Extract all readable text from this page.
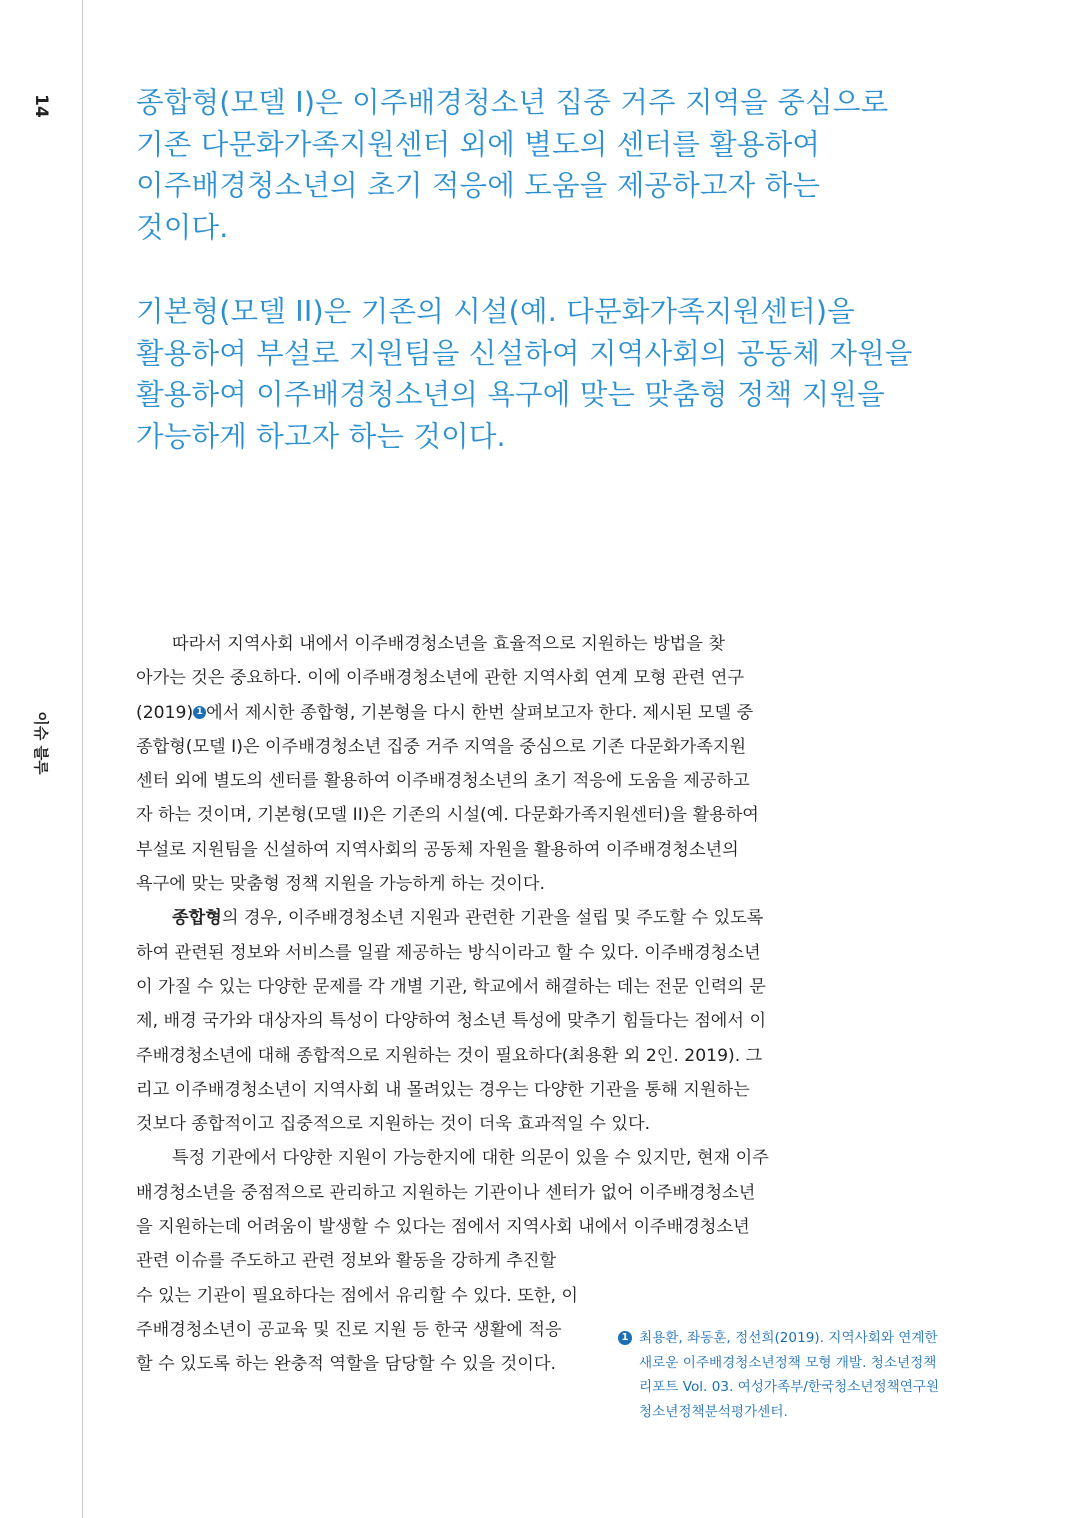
14
이슈 블루
종합형(모델 I)은 이주배경청소년 집중 거주 지역을 중심으로
기존 다문화가족지원센터 외에 별도의 센터를 활용하여
이주배경청소년의 초기 적응에 도움을 제공하고자 하는
것이다.
기본형(모델 II)은 기존의 시설(예. 다문화가족지원센터)을
활용하여 부설로 지원팀을 신설하여 지역사회의 공동체 자원을
활용하여 이주배경청소년의 욕구에 맞는 맞춤형 정책 지원을
가능하게 하고자 하는 것이다.
따라서 지역사회 내에서 이주배경청소년을 효율적으로 지원하는 방법을 찾
아가는 것은 중요하다. 이에 이주배경청소년에 관한 지역사회 연계 모형 관련 연구
(2019) 1 에서 제시한 종합형, 기본형을 다시 한번 살펴보고자 한다. 제시된 모델 중
종합형(모델 I)은 이주배경청소년 집중 거주 지역을 중심으로 기존 다문화가족지원
센터 외에 별도의 센터를 활용하여 이주배경청소년의 초기 적응에 도움을 제공하고
자 하는 것이며, 기본형(모델 II)은 기존의 시설(예. 다문화가족지원센터)을 활용하여
부설로 지원팀을 신설하여 지역사회의 공동체 자원을 활용하여 이주배경청소년의
욕구에 맞는 맞춤형 정책 지원을 가능하게 하는 것이다.
종합형의 경우, 이주배경청소년 지원과 관련한 기관을 설립 및 주도할 수 있도록
하여 관련된 정보와 서비스를 일괄 제공하는 방식이라고 할 수 있다. 이주배경청소년
이 가질 수 있는 다양한 문제를 각 개별 기관, 학교에서 해결하는 데는 전문 인력의 문
제, 배경 국가와 대상자의 특성이 다양하여 청소년 특성에 맞추기 힘들다는 점에서 이
주배경청소년에 대해 종합적으로 지원하는 것이 필요하다(최용환 외 2인. 2019). 그
리고 이주배경청소년이 지역사회 내 몰려있는 경우는 다양한 기관을 통해 지원하는
것보다 종합적이고 집중적으로 지원하는 것이 더욱 효과적일 수 있다.
특정 기관에서 다양한 지원이 가능한지에 대한 의문이 있을 수 있지만, 현재 이주
배경청소년을 중점적으로 관리하고 지원하는 기관이나 센터가 없어 이주배경청소년
을 지원하는데 어려움이 발생할 수 있다는 점에서 지역사회 내에서 이주배경청소년
관련 이슈를 주도하고 관련 정보와 활동을 강하게 추진할
수 있는 기관이 필요하다는 점에서 유리할 수 있다. 또한, 이
주배경청소년이 공교육 및 진로 지원 등 한국 생활에 적응
할 수 있도록 하는 완충적 역할을 담당할 수 있을 것이다.
1 최용환, 좌동훈, 정선희(2019). 지역사회와 연계한
새로운 이주배경청소년정책 모형 개발. 청소년정책
리포트 Vol. 03. 여성가족부/한국청소년정책연구원
청소년정책분석평가센터.
